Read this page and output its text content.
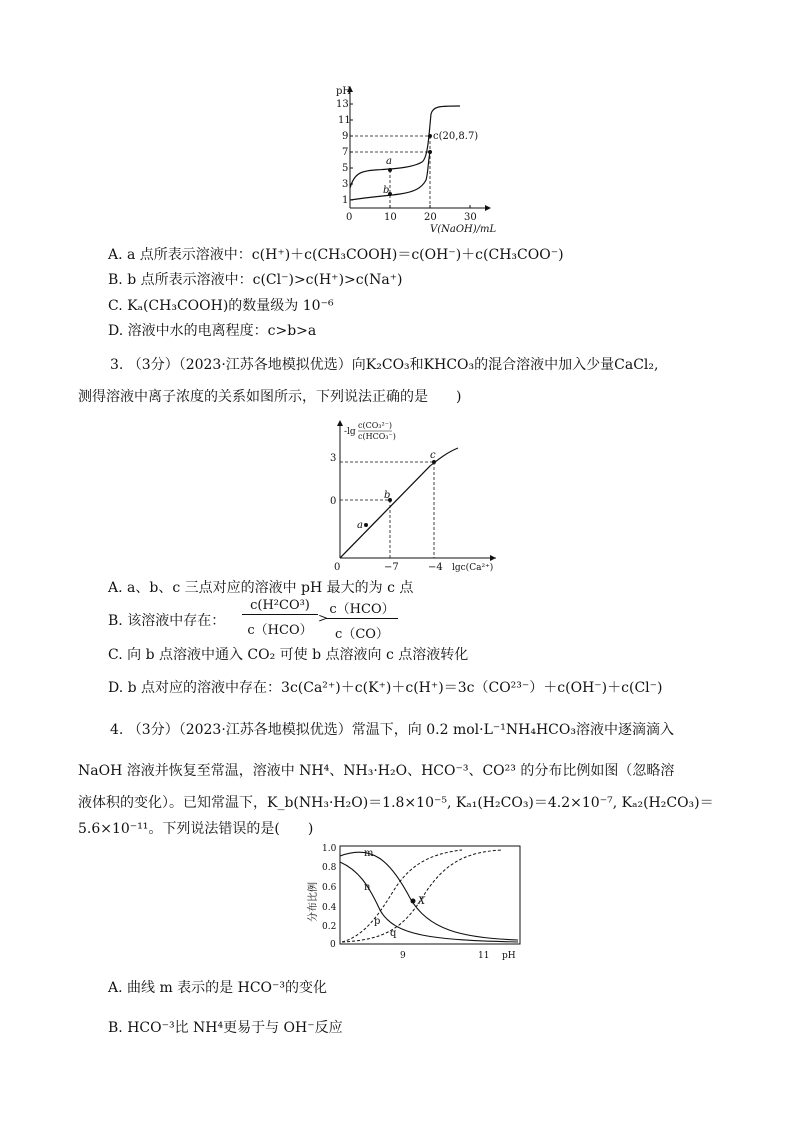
pH
13
11
9
7
5
3
1
0	10	20	30
V(NaOH)/mL
a
b
c(20,8.7)
A. a 点所表示溶液中：c(H⁺)＋c(CH₃COOH)＝c(OH⁻)＋c(CH₃COO⁻)
B. b 点所表示溶液中：c(Cl⁻)>c(H⁺)>c(Na⁺)
C. Kₐ(CH₃COOH)的数量级为 10⁻⁶
D. 溶液中水的电离程度：c>b>a
3. （3分）（2023·江苏各地模拟优选）向K₂CO₃和KHCO₃的混合溶液中加入少量CaCl₂,
测得溶液中离子浓度的关系如图所示，下列说法正确的是　　)
-lg
c(CO₃²⁻)
c(HCO₃⁻)
3
0
0	−7	−4 lgc(Ca²⁺)
a
b
c
A. a、b、c 三点对应的溶液中 pH 最大的为 c 点
B. 该溶液中存在：
c(H²CO³)
c（HCO）
>
c（HCO）
c（CO）
C. 向 b 点溶液中通入 CO₂ 可使 b 点溶液向 c 点溶液转化
D. b 点对应的溶液中存在：3c(Ca²⁺)＋c(K⁺)＋c(H⁺)＝3c（CO²³⁻）＋c(OH⁻)＋c(Cl⁻)
4. （3分）（2023·江苏各地模拟优选）常温下，向 0.2 mol·L⁻¹NH₄HCO₃溶液中逐滴滴入
NaOH 溶液并恢复至常温，溶液中 NH⁴、NH₃·H₂O、HCO⁻³、CO²³ 的分布比例如图（忽略溶
液体积的变化）。已知常温下，K_b(NH₃·H₂O)＝1.8×10⁻⁵, Kₐ₁(H₂CO₃)＝4.2×10⁻⁷, Kₐ₂(H₂CO₃)＝
5.6×10⁻¹¹。下列说法错误的是(　　)
分布比例
1.0
0.8
0.6
0.4
0.2
0
9	11 pH
X
m
n
p
q
A. 曲线 m 表示的是 HCO⁻³的变化
B. HCO⁻³比 NH⁴更易于与 OH⁻反应
